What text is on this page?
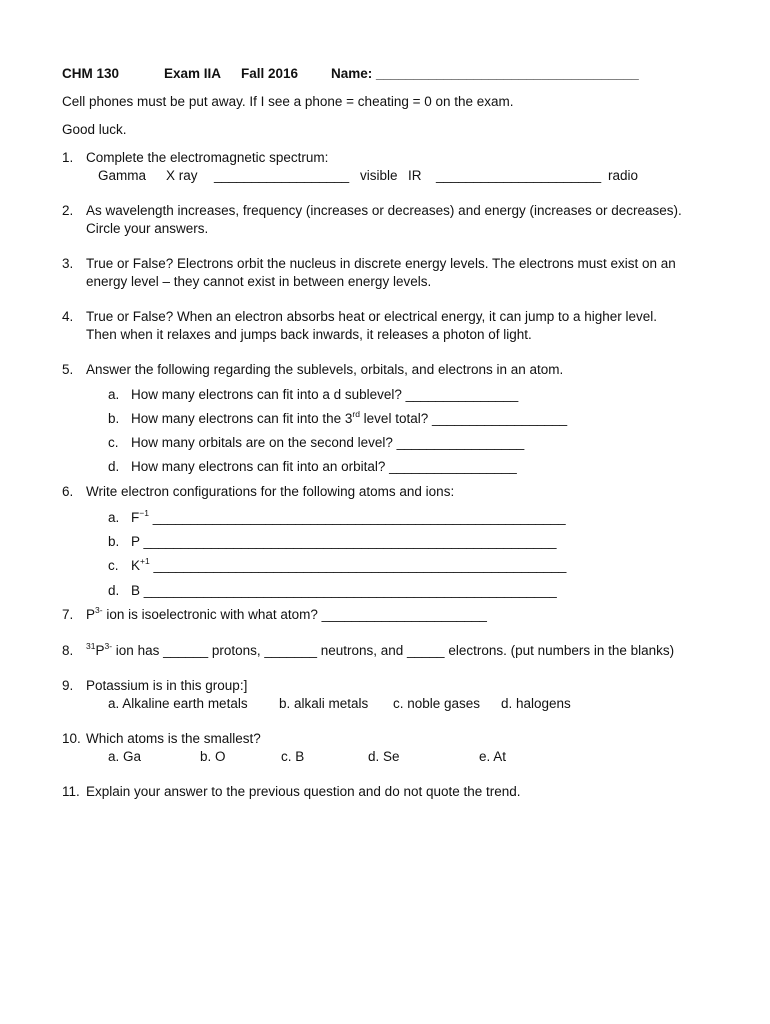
CHM 130	Exam IIA Fall 2016 Name: ___________________________________
Cell phones must be put away. If I see a phone = cheating = 0 on the exam.
Good luck.
1. Complete the electromagnetic spectrum:
Gamma X ray __________________ visible IR ______________________ radio
2. As wavelength increases, frequency (increases or decreases) and energy (increases or decreases).
Circle your answers.
3. True or False? Electrons orbit the nucleus in discrete energy levels. The electrons must exist on an
energy level – they cannot exist in between energy levels.
4. True or False? When an electron absorbs heat or electrical energy, it can jump to a higher level.
Then when it relaxes and jumps back inwards, it releases a photon of light.
5. Answer the following regarding the sublevels, orbitals, and electrons in an atom.
a. How many electrons can fit into a d sublevel? _______________
b. How many electrons can fit into the 3rd level total? __________________
c. How many orbitals are on the second level? _________________
d. How many electrons can fit into an orbital? _________________
6. Write electron configurations for the following atoms and ions:
a. $F^{-1}$ _______________________________________________________
b. P _______________________________________________________
c. $K^{+1}$ _______________________________________________________
d. B _______________________________________________________
7. $P^{3-}$ ion is isoelectronic with what atom? ______________________
8. $^{31}P^{3-}$ ion has ______ protons, _______ neutrons, and _____ electrons. (put numbers in the blanks)
9. Potassium is in this group:]
a. Alkaline earth metals b. alkali metals c. noble gases d. halogens
10. Which atoms is the smallest?
a. Ga	b. O	c. B	d. Se	e. At
11. Explain your answer to the previous question and do not quote the trend.
